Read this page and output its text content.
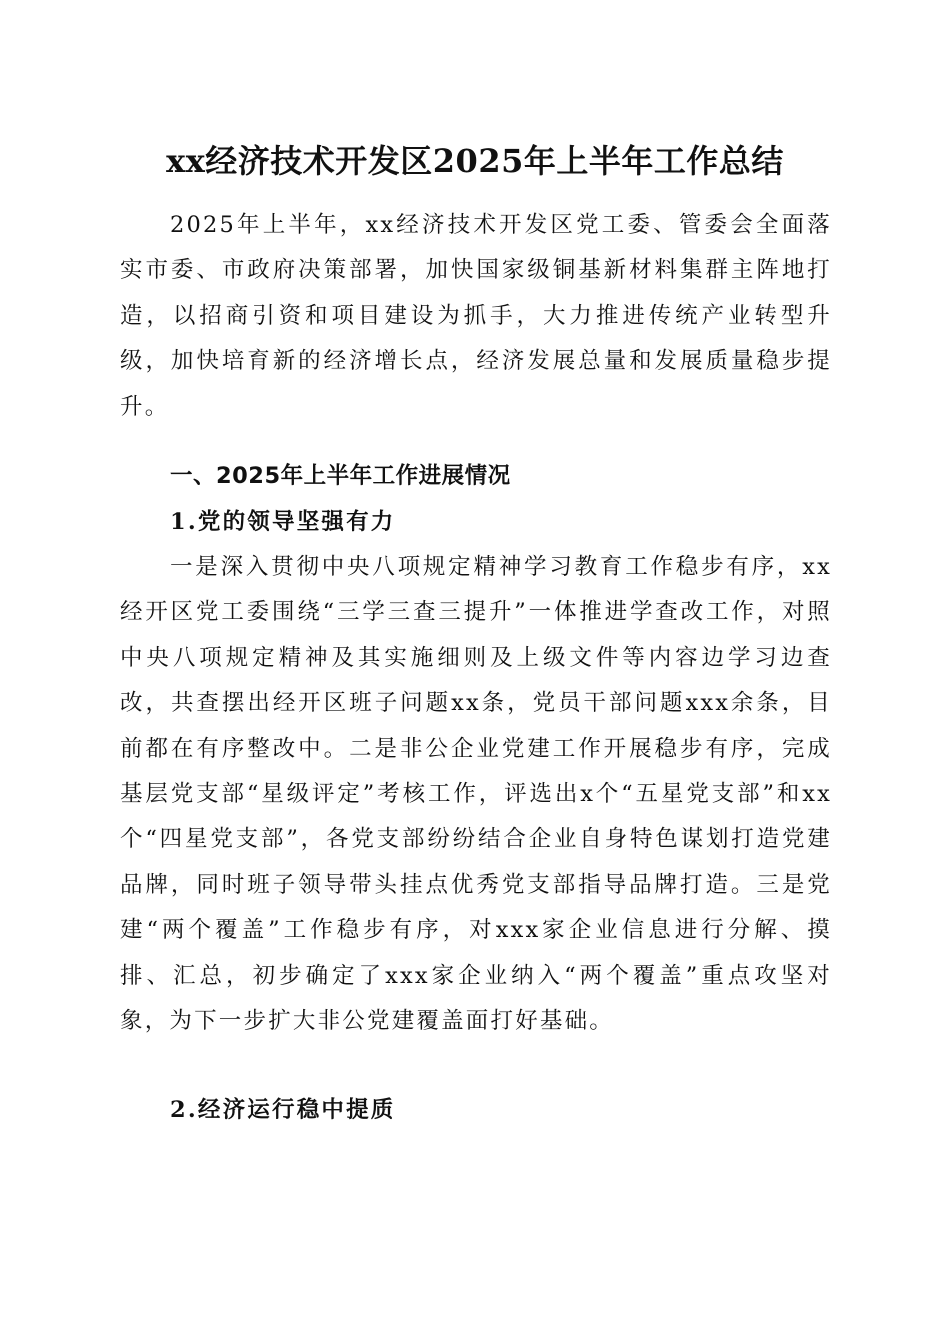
xx经济技术开发区2025年上半年工作总结

2025年上半年，xx经济技术开发区党工委、管委会全面落实市委、市政府决策部署，加快国家级铜基新材料集群主阵地打造，以招商引资和项目建设为抓手，大力推进传统产业转型升级，加快培育新的经济增长点，经济发展总量和发展质量稳步提升。

一、2025年上半年工作进展情况
1.党的领导坚强有力

一是深入贯彻中央八项规定精神学习教育工作稳步有序，xx经开区党工委围绕“三学三查三提升”一体推进学查改工作，对照中央八项规定精神及其实施细则及上级文件等内容边学习边查改，共查摆出经开区班子问题xx条，党员干部问题xxx余条，目前都在有序整改中。二是非公企业党建工作开展稳步有序，完成基层党支部“星级评定”考核工作，评选出x个“五星党支部”和xx个“四星党支部”，各党支部纷纷结合企业自身特色谋划打造党建品牌，同时班子领导带头挂点优秀党支部指导品牌打造。三是党建“两个覆盖”工作稳步有序，对xxx家企业信息进行分解、摸排、汇总，初步确定了xxx家企业纳入“两个覆盖”重点攻坚对象，为下一步扩大非公党建覆盖面打好基础。

2.经济运行稳中提质
